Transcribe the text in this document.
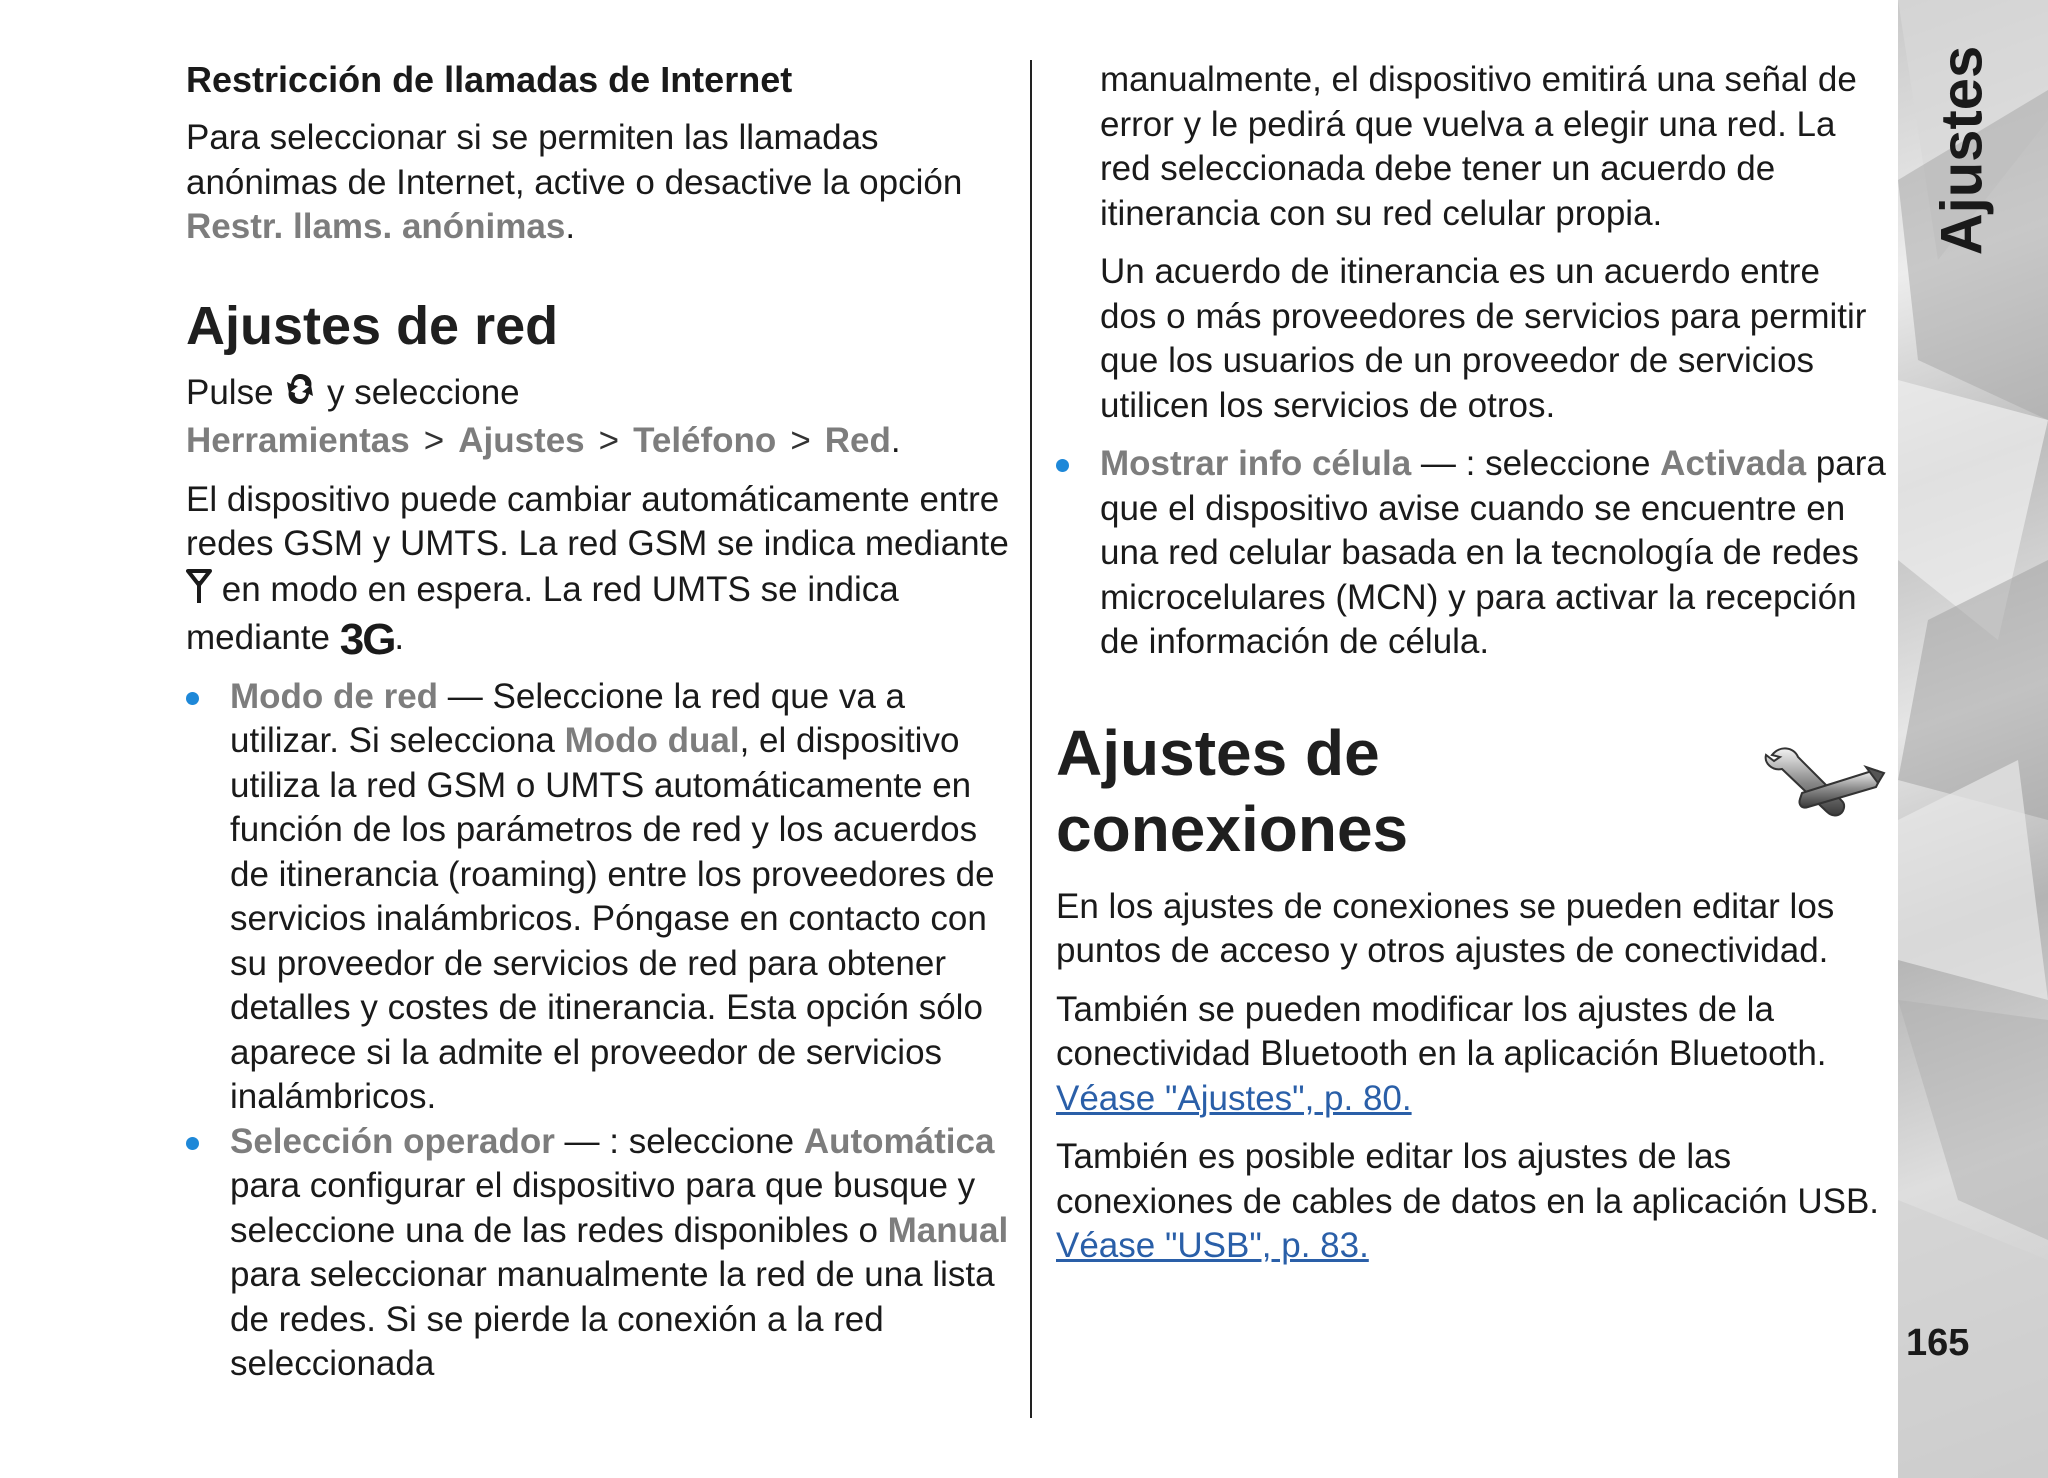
Restricción de llamadas de Internet

Para seleccionar si se permiten las llamadas anónimas de Internet, active o desactive la opción Restr. llams. anónimas.

Ajustes de red

Pulse y seleccione Herramientas > Ajustes > Teléfono > Red.

El dispositivo puede cambiar automáticamente entre redes GSM y UMTS. La red GSM se indica mediante  en modo en espera. La red UMTS se indica mediante 3G.

Modo de red — Seleccione la red que va a utilizar. Si selecciona Modo dual, el dispositivo utiliza la red GSM o UMTS automáticamente en función de los parámetros de red y los acuerdos de itinerancia (roaming) entre los proveedores de servicios inalámbricos. Póngase en contacto con su proveedor de servicios de red para obtener detalles y costes de itinerancia. Esta opción sólo aparece si la admite el proveedor de servicios inalámbricos.
Selección operador — : seleccione Automática para configurar el dispositivo para que busque y seleccione una de las redes disponibles o Manual para seleccionar manualmente la red de una lista de redes. Si se pierde la conexión a la red seleccionada

manualmente, el dispositivo emitirá una señal de error y le pedirá que vuelva a elegir una red. La red seleccionada debe tener un acuerdo de itinerancia con su red celular propia.

Un acuerdo de itinerancia es un acuerdo entre dos o más proveedores de servicios para permitir que los usuarios de un proveedor de servicios utilicen los servicios de otros.

Mostrar info célula — : seleccione Activada para que el dispositivo avise cuando se encuentre en una red celular basada en la tecnología de redes microcelulares (MCN) y para activar la recepción de información de célula.
Ajustes de conexiones

En los ajustes de conexiones se pueden editar los puntos de acceso y otros ajustes de conectividad.

También se pueden modificar los ajustes de la conectividad Bluetooth en la aplicación Bluetooth.
Véase "Ajustes", p. 80.

También es posible editar los ajustes de las conexiones de cables de datos en la aplicación USB.
Véase "USB", p. 83.

Ajustes
165
